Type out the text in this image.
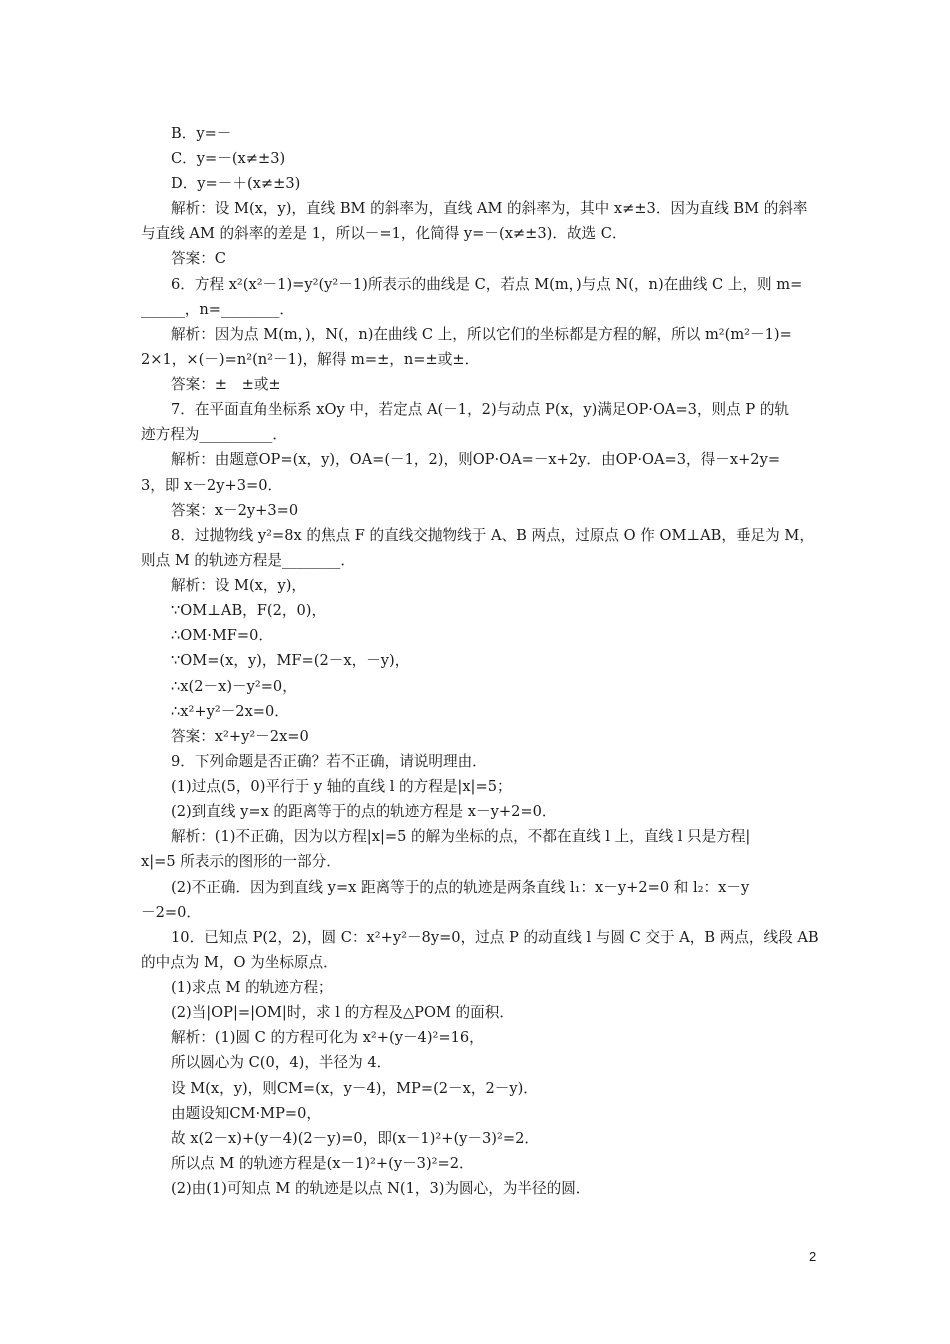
B．y=－
C．y=－(x≠±3)
D．y=－＋(x≠±3)
解析：设 M(x，y)，直线 BM 的斜率为，直线 AM 的斜率为，其中 x≠±3．因为直线 BM 的斜率
与直线 AM 的斜率的差是 1，所以－=1，化简得 y=－(x≠±3)．故选 C．
答案：C
6．方程 x²(x²－1)=y²(y²－1)所表示的曲线是 C，若点 M(m，)与点 N(，n)在曲线 C 上，则 m=
______，n=________．
解析：因为点 M(m，)，N(，n)在曲线 C 上，所以它们的坐标都是方程的解，所以 m²(m²－1)=
2×1，×(－)=n²(n²－1)，解得 m=±，n=±或±．
答案：±　±或±
7．在平面直角坐标系 xOy 中，若定点 A(－1，2)与动点 P(x，y)满足OP·OA=3，则点 P 的轨
迹方程为__________．
解析：由题意OP=(x，y)，OA=(－1，2)，则OP·OA=－x+2y．由OP·OA=3，得－x+2y=
3，即 x－2y+3=0．
答案：x－2y+3=0
8．过抛物线 y²=8x 的焦点 F 的直线交抛物线于 A、B 两点，过原点 O 作 OM⊥AB，垂足为 M，
则点 M 的轨迹方程是________．
解析：设 M(x，y)，
∵OM⊥AB，F(2，0)，
∴OM·MF=0．
∵OM=(x，y)，MF=(2－x，－y)，
∴x(2－x)－y²=0，
∴x²+y²－2x=0．
答案：x²+y²－2x=0
9．下列命题是否正确？若不正确，请说明理由．
(1)过点(5，0)平行于 y 轴的直线 l 的方程是|x|=5；
(2)到直线 y=x 的距离等于的点的轨迹方程是 x－y+2=0．
解析：(1)不正确，因为以方程|x|=5 的解为坐标的点，不都在直线 l 上，直线 l 只是方程|
x|=5 所表示的图形的一部分．
(2)不正确．因为到直线 y=x 距离等于的点的轨迹是两条直线 l₁：x－y+2=0 和 l₂：x－y
－2=0．
10．已知点 P(2，2)，圆 C：x²+y²－8y=0，过点 P 的动直线 l 与圆 C 交于 A，B 两点，线段 AB
的中点为 M，O 为坐标原点．
(1)求点 M 的轨迹方程；
(2)当|OP|=|OM|时，求 l 的方程及△POM 的面积．
解析：(1)圆 C 的方程可化为 x²+(y－4)²=16，
所以圆心为 C(0，4)，半径为 4．
设 M(x，y)，则CM=(x，y－4)，MP=(2－x，2－y)．
由题设知CM·MP=0，
故 x(2－x)+(y－4)(2－y)=0，即(x－1)²+(y－3)²=2．
所以点 M 的轨迹方程是(x－1)²+(y－3)²=2．
(2)由(1)可知点 M 的轨迹是以点 N(1，3)为圆心，为半径的圆．
2
